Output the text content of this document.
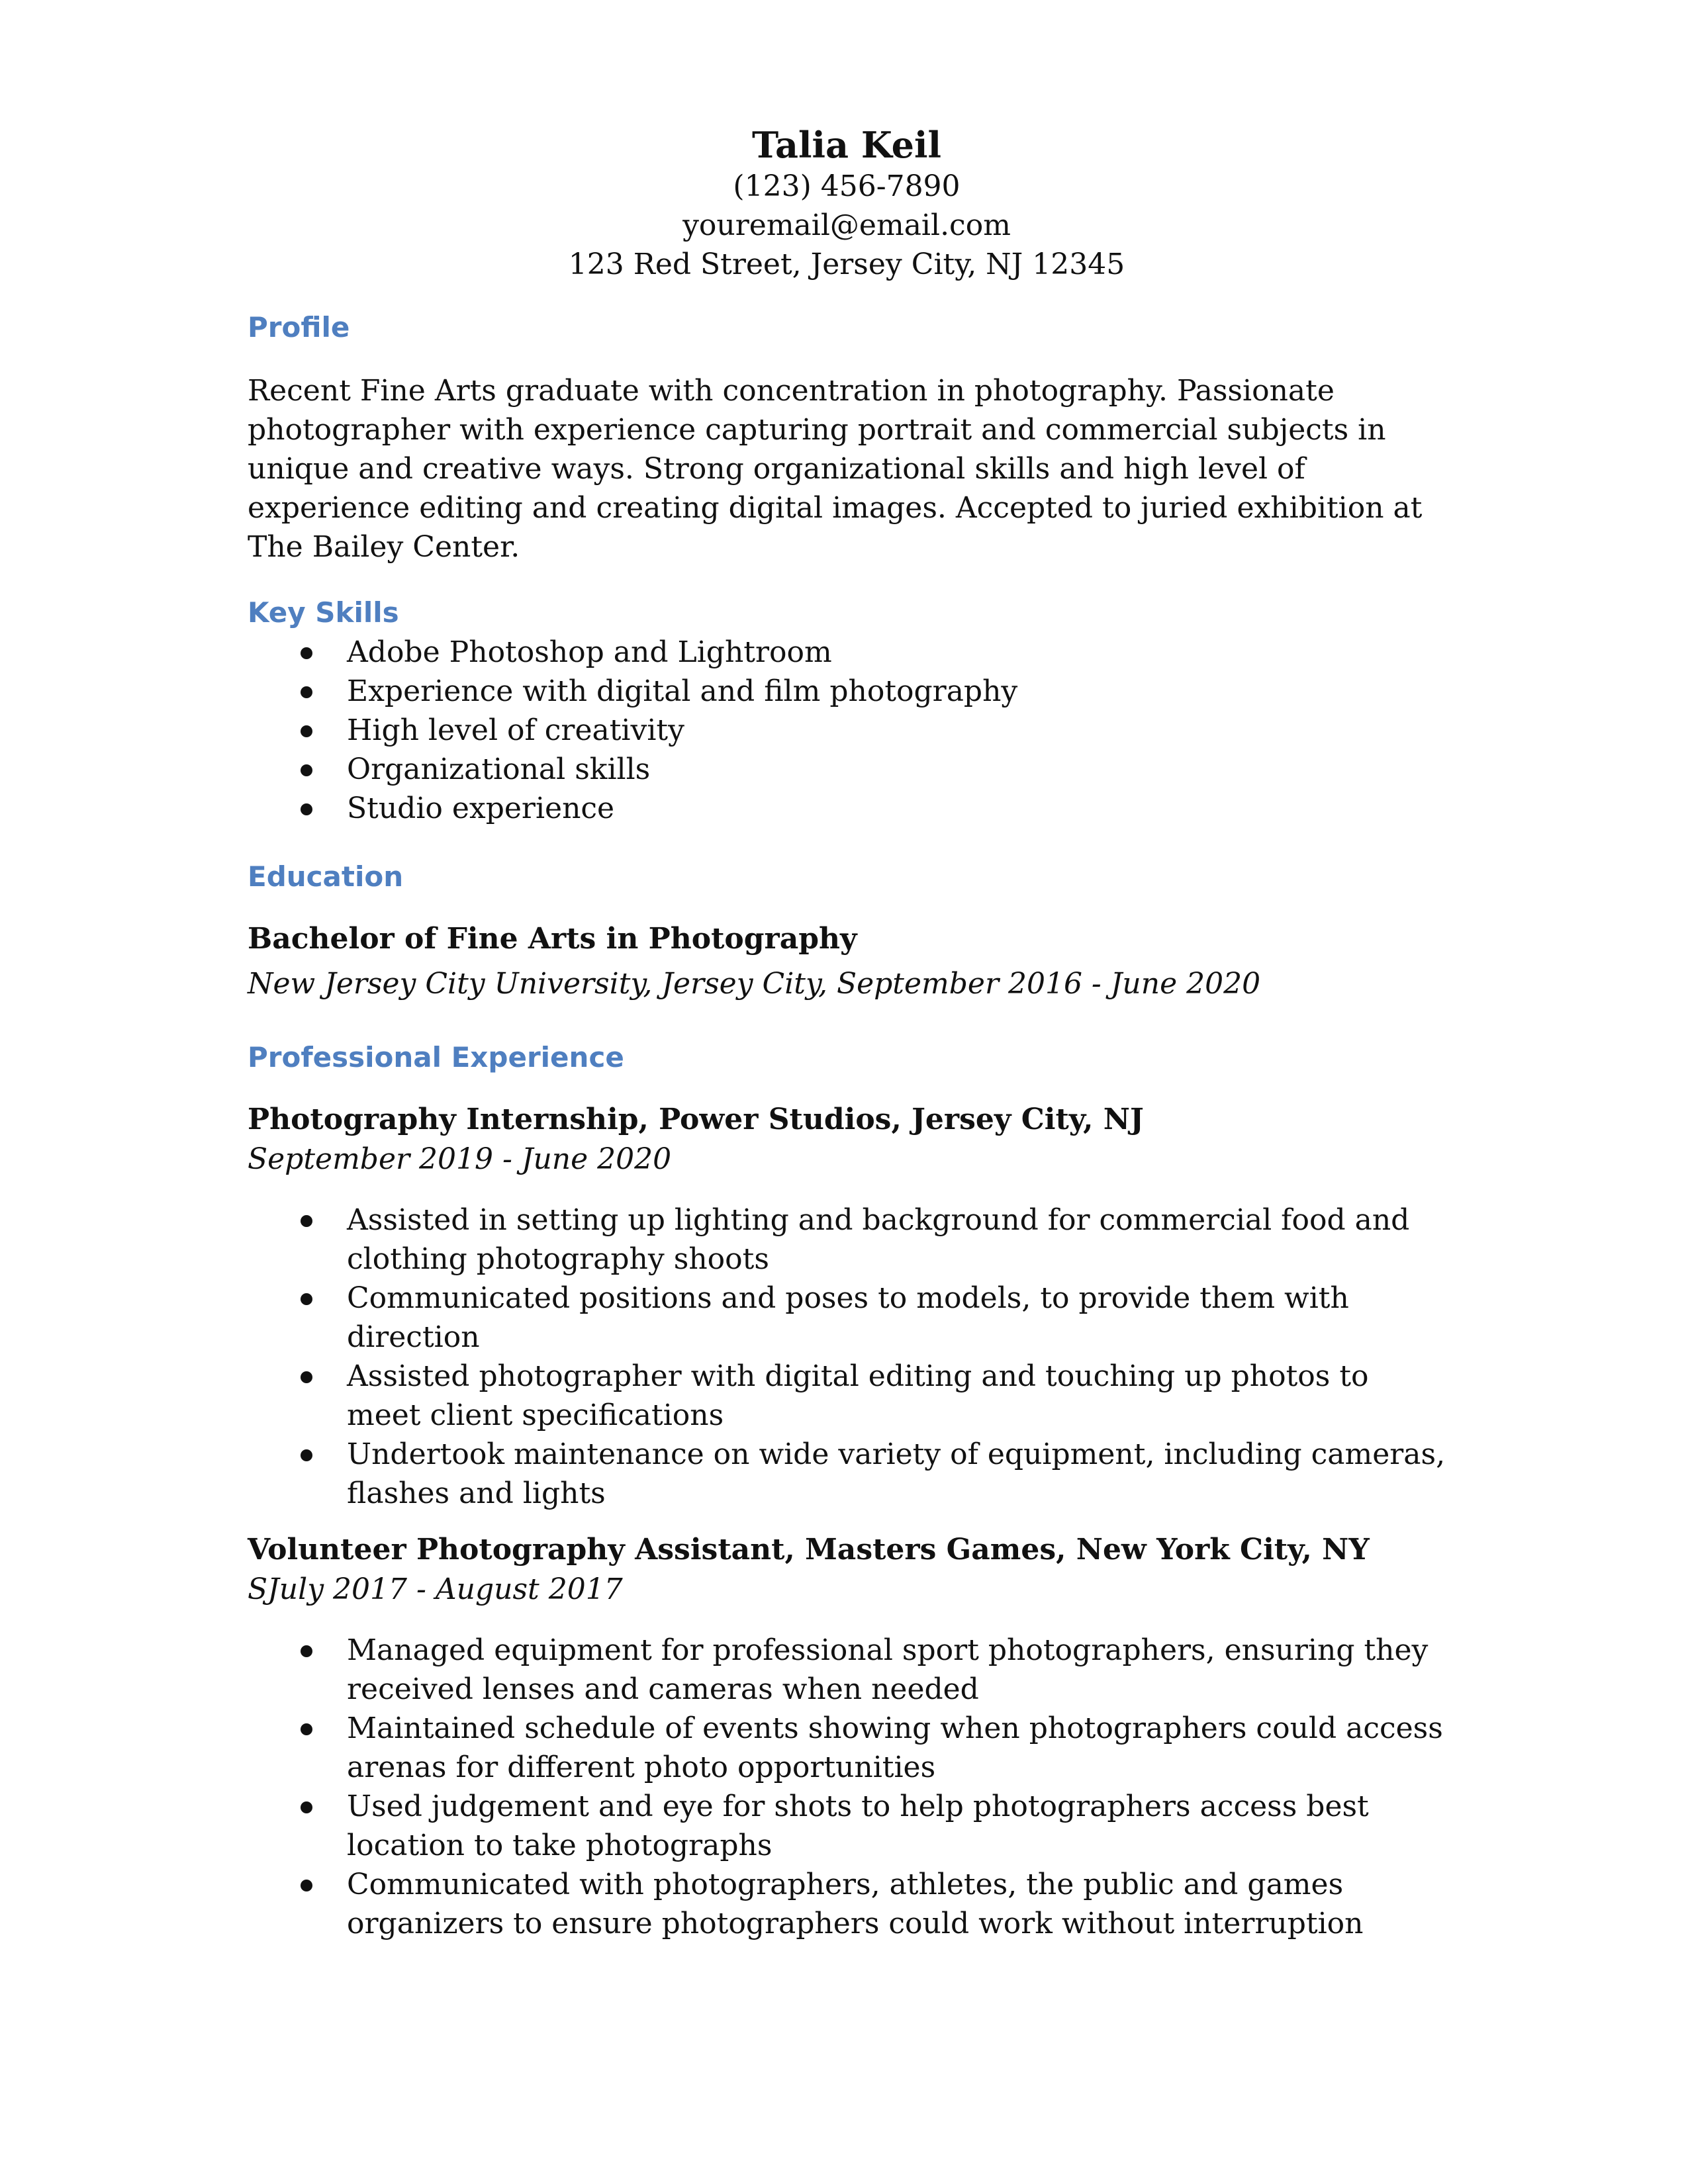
Talia Keil
(123) 456-7890
youremail@email.com
123 Red Street, Jersey City, NJ 12345
Profile

Recent Fine Arts graduate with concentration in photography. Passionate photographer with experience capturing portrait and commercial subjects in unique and creative ways. Strong organizational skills and high level of experience editing and creating digital images. Accepted to juried exhibition at The Bailey Center.

Key Skills
Adobe Photoshop and Lightroom
Experience with digital and film photography
High level of creativity
Organizational skills
Studio experience
Education
Bachelor of Fine Arts in Photography
New Jersey City University, Jersey City, September 2016 - June 2020
Professional Experience
Photography Internship, Power Studios, Jersey City, NJ
September 2019 - June 2020
Assisted in setting up lighting and background for commercial food and clothing photography shoots
Communicated positions and poses to models, to provide them with direction
Assisted photographer with digital editing and touching up photos to meet client specifications
Undertook maintenance on wide variety of equipment, including cameras, flashes and lights
Volunteer Photography Assistant, Masters Games, New York City, NY
SJuly 2017 - August 2017
Managed equipment for professional sport photographers, ensuring they received lenses and cameras when needed
Maintained schedule of events showing when photographers could access arenas for different photo opportunities
Used judgement and eye for shots to help photographers access best location to take photographs
Communicated with photographers, athletes, the public and games organizers to ensure photographers could work without interruption
